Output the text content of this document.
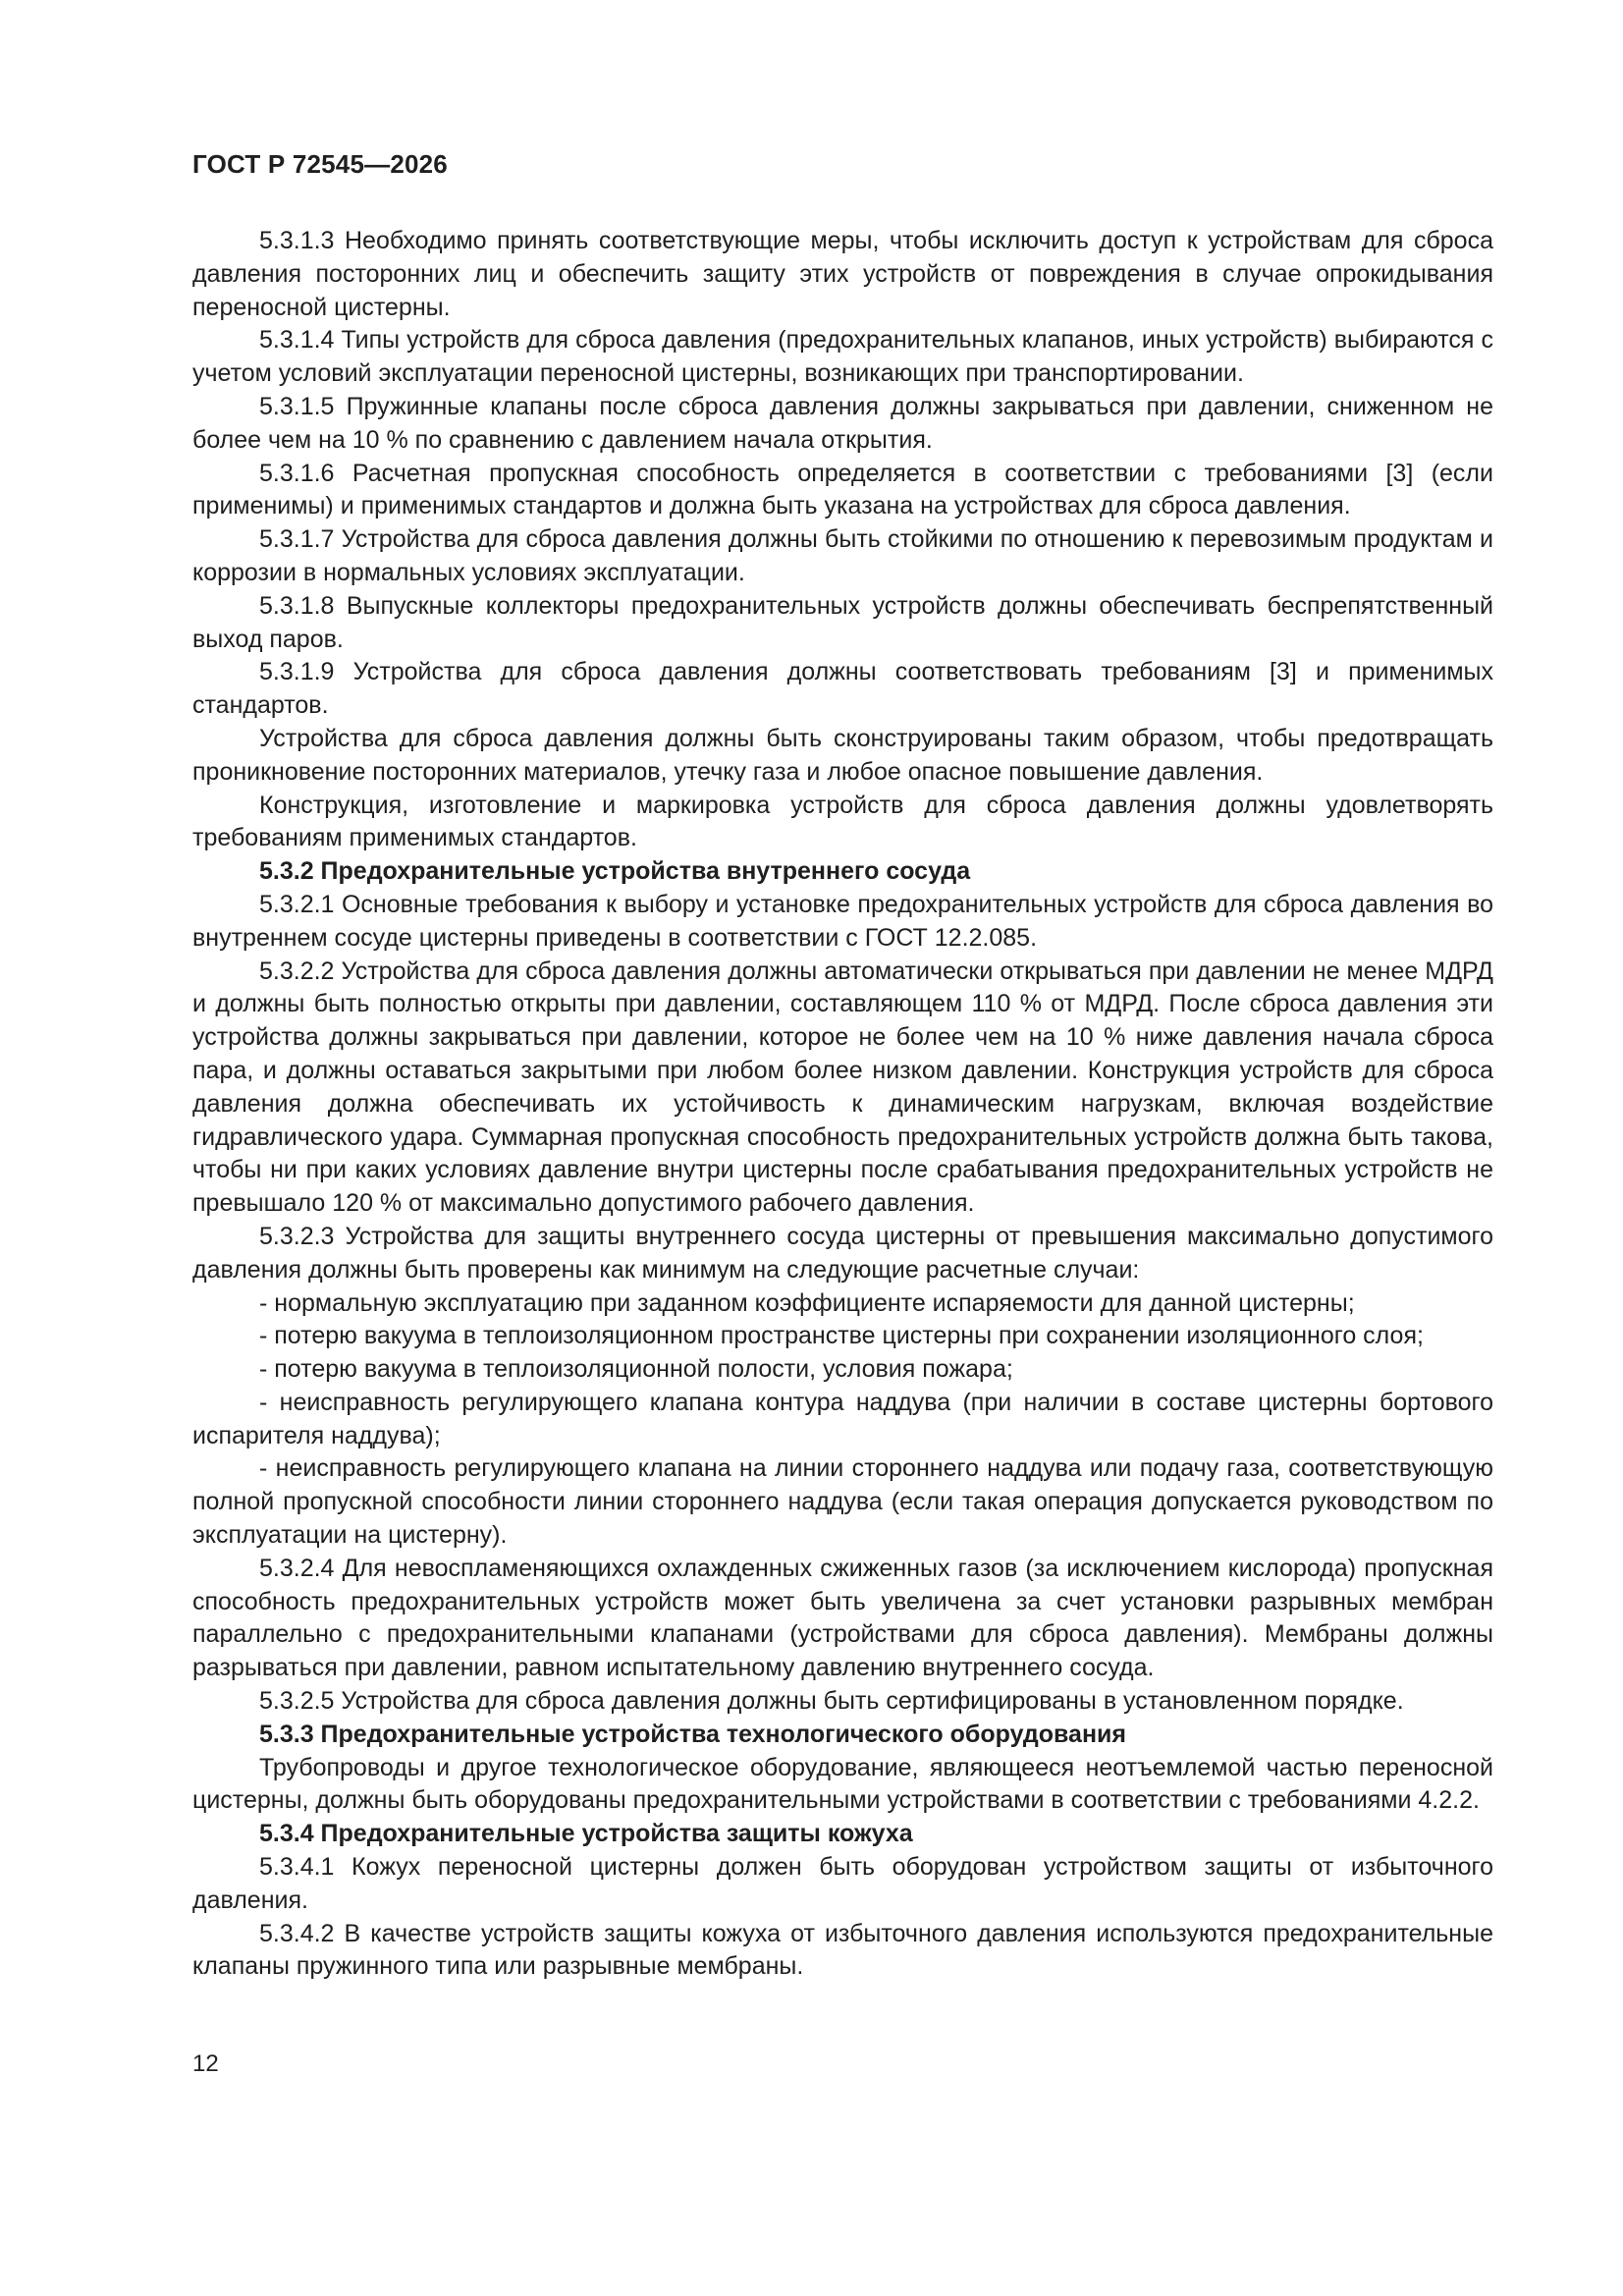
ГОСТ Р 72545—2026

5.3.1.3 Необходимо принять соответствующие меры, чтобы исключить доступ к устройствам для сброса давления посторонних лиц и обеспечить защиту этих устройств от повреждения в случае опрокидывания переносной цистерны.

5.3.1.4 Типы устройств для сброса давления (предохранительных клапанов, иных устройств) выбираются с учетом условий эксплуатации переносной цистерны, возникающих при транспортировании.

5.3.1.5 Пружинные клапаны после сброса давления должны закрываться при давлении, сниженном не более чем на 10 % по сравнению с давлением начала открытия.

5.3.1.6 Расчетная пропускная способность определяется в соответствии с требованиями [3] (если применимы) и применимых стандартов и должна быть указана на устройствах для сброса давления.

5.3.1.7 Устройства для сброса давления должны быть стойкими по отношению к перевозимым продуктам и коррозии в нормальных условиях эксплуатации.

5.3.1.8 Выпускные коллекторы предохранительных устройств должны обеспечивать беспрепятственный выход паров.

5.3.1.9 Устройства для сброса давления должны соответствовать требованиям [3] и применимых стандартов.

Устройства для сброса давления должны быть сконструированы таким образом, чтобы предотвращать проникновение посторонних материалов, утечку газа и любое опасное повышение давления.

Конструкция, изготовление и маркировка устройств для сброса давления должны удовлетворять требованиям применимых стандартов.

5.3.2 Предохранительные устройства внутреннего сосуда

5.3.2.1 Основные требования к выбору и установке предохранительных устройств для сброса давления во внутреннем сосуде цистерны приведены в соответствии с ГОСТ 12.2.085.

5.3.2.2 Устройства для сброса давления должны автоматически открываться при давлении не менее МДРД и должны быть полностью открыты при давлении, составляющем 110 % от МДРД. После сброса давления эти устройства должны закрываться при давлении, которое не более чем на 10 % ниже давления начала сброса пара, и должны оставаться закрытыми при любом более низком давлении. Конструкция устройств для сброса давления должна обеспечивать их устойчивость к динамическим нагрузкам, включая воздействие гидравлического удара. Суммарная пропускная способность предохранительных устройств должна быть такова, чтобы ни при каких условиях давление внутри цистерны после срабатывания предохранительных устройств не превышало 120 % от максимально допустимого рабочего давления.

5.3.2.3 Устройства для защиты внутреннего сосуда цистерны от превышения максимально допустимого давления должны быть проверены как минимум на следующие расчетные случаи:

- нормальную эксплуатацию при заданном коэффициенте испаряемости для данной цистерны;

- потерю вакуума в теплоизоляционном пространстве цистерны при сохранении изоляционного слоя;

- потерю вакуума в теплоизоляционной полости, условия пожара;

- неисправность регулирующего клапана контура наддува (при наличии в составе цистерны бортового испарителя наддува);

- неисправность регулирующего клапана на линии стороннего наддува или подачу газа, соответствующую полной пропускной способности линии стороннего наддува (если такая операция допускается руководством по эксплуатации на цистерну).

5.3.2.4 Для невоспламеняющихся охлажденных сжиженных газов (за исключением кислорода) пропускная способность предохранительных устройств может быть увеличена за счет установки разрывных мембран параллельно с предохранительными клапанами (устройствами для сброса давления). Мембраны должны разрываться при давлении, равном испытательному давлению внутреннего сосуда.

5.3.2.5 Устройства для сброса давления должны быть сертифицированы в установленном порядке.

5.3.3 Предохранительные устройства технологического оборудования

Трубопроводы и другое технологическое оборудование, являющееся неотъемлемой частью переносной цистерны, должны быть оборудованы предохранительными устройствами в соответствии с требованиями 4.2.2.

5.3.4 Предохранительные устройства защиты кожуха

5.3.4.1 Кожух переносной цистерны должен быть оборудован устройством защиты от избыточного давления.

5.3.4.2 В качестве устройств защиты кожуха от избыточного давления используются предохранительные клапаны пружинного типа или разрывные мембраны.

12
